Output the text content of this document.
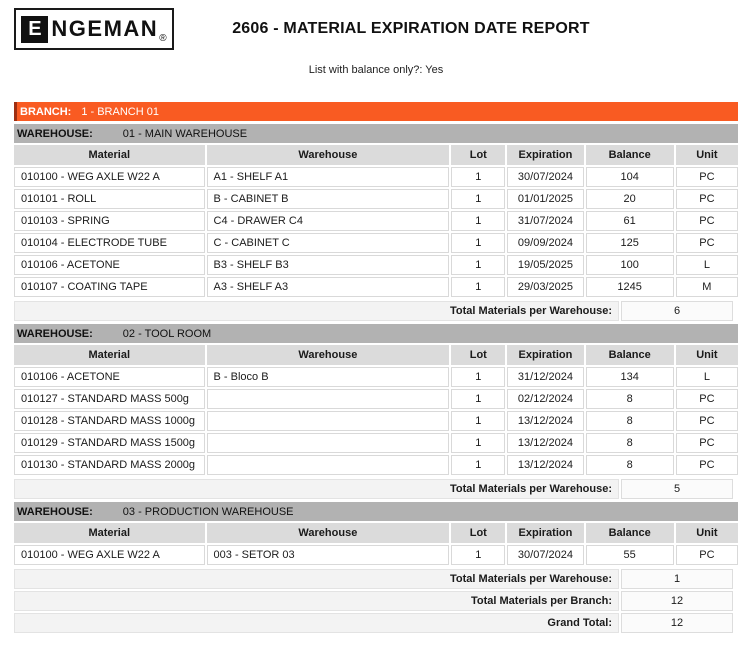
E NGEMAN ®
2606 - MATERIAL EXPIRATION DATE REPORT
List with balance only?: Yes
BRANCH: 1 - BRANCH 01
WAREHOUSE:	01 - MAIN WAREHOUSE
Material	Warehouse	Lot	Expiration	Balance	Unit
010100 - WEG AXLE W22 A	A1 - SHELF A1	1	30/07/2024	104	PC
010101 - ROLL	B - CABINET B	1	01/01/2025	20	PC
010103 - SPRING	C4 - DRAWER C4	1	31/07/2024	61	PC
010104 - ELECTRODE TUBE	C - CABINET C	1	09/09/2024	125	PC
010106 - ACETONE	B3 - SHELF B3	1	19/05/2025	100	L
010107 - COATING TAPE	A3 - SHELF A3	1	29/03/2025	1245	M
Total Materials per Warehouse:	6
WAREHOUSE:	02 - TOOL ROOM
Material	Warehouse	Lot	Expiration	Balance	Unit
010106 - ACETONE	B - Bloco B	1	31/12/2024	134	L
010127 - STANDARD MASS 500g		1	02/12/2024	8	PC
010128 - STANDARD MASS 1000g		1	13/12/2024	8	PC
010129 - STANDARD MASS 1500g		1	13/12/2024	8	PC
010130 - STANDARD MASS 2000g		1	13/12/2024	8	PC
Total Materials per Warehouse:	5
WAREHOUSE:	03 - PRODUCTION WAREHOUSE
Material	Warehouse	Lot	Expiration	Balance	Unit
010100 - WEG AXLE W22 A	003 - SETOR 03	1	30/07/2024	55	PC
Total Materials per Warehouse:	1
Total Materials per Branch:	12
Grand Total:	12
